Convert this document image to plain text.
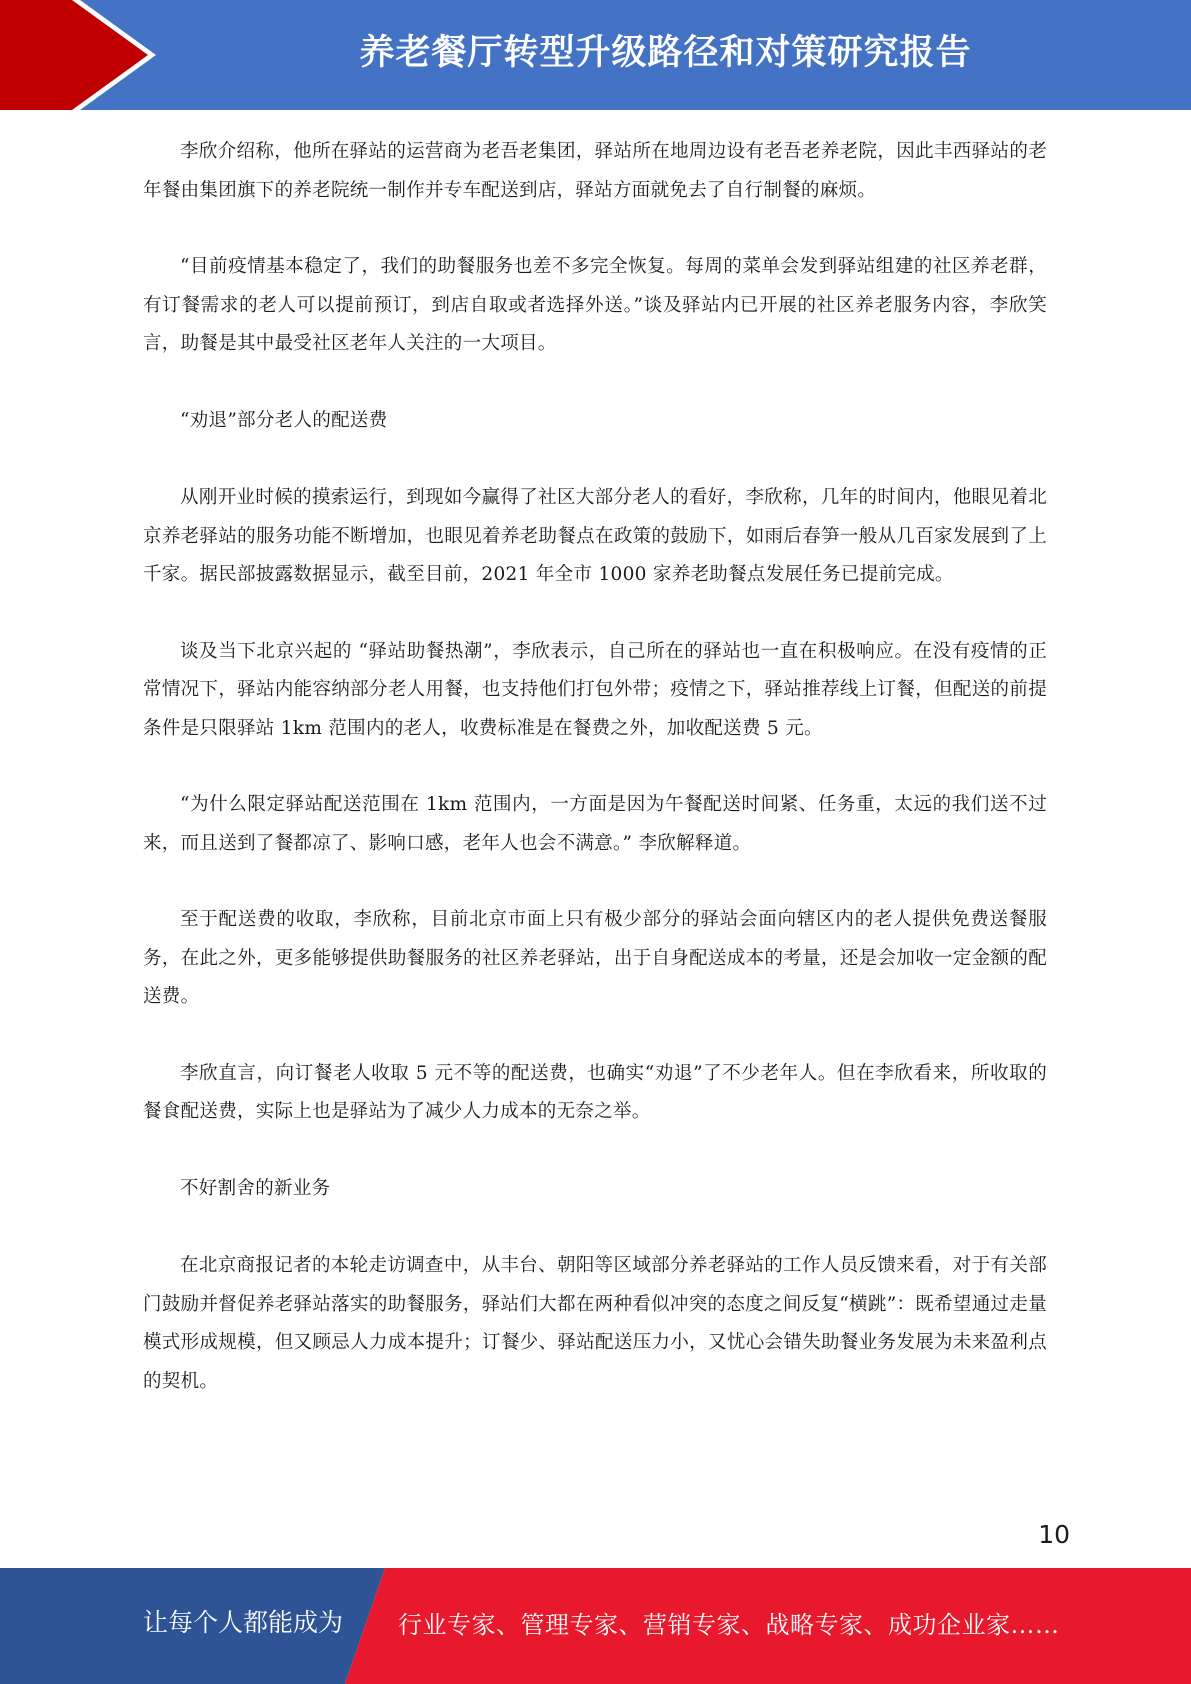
养老餐厅转型升级路径和对策研究报告

李欣介绍称，他所在驿站的运营商为老吾老集团，驿站所在地周边设有老吾老养老院，因此丰西驿站的老年餐由集团旗下的养老院统一制作并专车配送到店，驿站方面就免去了自行制餐的麻烦。

“目前疫情基本稳定了，我们的助餐服务也差不多完全恢复。每周的菜单会发到驿站组建的社区养老群，有订餐需求的老人可以提前预订，到店自取或者选择外送。”谈及驿站内已开展的社区养老服务内容，李欣笑言，助餐是其中最受社区老年人关注的一大项目。

“劝退”部分老人的配送费

从刚开业时候的摸索运行，到现如今赢得了社区大部分老人的看好，李欣称，几年的时间内，他眼见着北京养老驿站的服务功能不断增加，也眼见着养老助餐点在政策的鼓励下，如雨后春笋一般从几百家发展到了上千家。据民部披露数据显示，截至目前，2021 年全市 1000 家养老助餐点发展任务已提前完成。

谈及当下北京兴起的 “驿站助餐热潮”，李欣表示，自己所在的驿站也一直在积极响应。在没有疫情的正常情况下，驿站内能容纳部分老人用餐，也支持他们打包外带；疫情之下，驿站推荐线上订餐，但配送的前提条件是只限驿站 1km 范围内的老人，收费标准是在餐费之外，加收配送费 5 元。

“为什么限定驿站配送范围在 1km 范围内，一方面是因为午餐配送时间紧、任务重，太远的我们送不过来，而且送到了餐都凉了、影响口感，老年人也会不满意。” 李欣解释道。

至于配送费的收取，李欣称，目前北京市面上只有极少部分的驿站会面向辖区内的老人提供免费送餐服务，在此之外，更多能够提供助餐服务的社区养老驿站，出于自身配送成本的考量，还是会加收一定金额的配送费。

李欣直言，向订餐老人收取 5 元不等的配送费，也确实“劝退”了不少老年人。但在李欣看来，所收取的餐食配送费，实际上也是驿站为了减少人力成本的无奈之举。

不好割舍的新业务

在北京商报记者的本轮走访调查中，从丰台、朝阳等区域部分养老驿站的工作人员反馈来看，对于有关部门鼓励并督促养老驿站落实的助餐服务，驿站们大都在两种看似冲突的态度之间反复“横跳”：既希望通过走量模式形成规模，但又顾忌人力成本提升；订餐少、驿站配送压力小，又忧心会错失助餐业务发展为未来盈利点的契机。

10
让每个人都能成为 行业专家、管理专家、营销专家、战略专家、成功企业家……
